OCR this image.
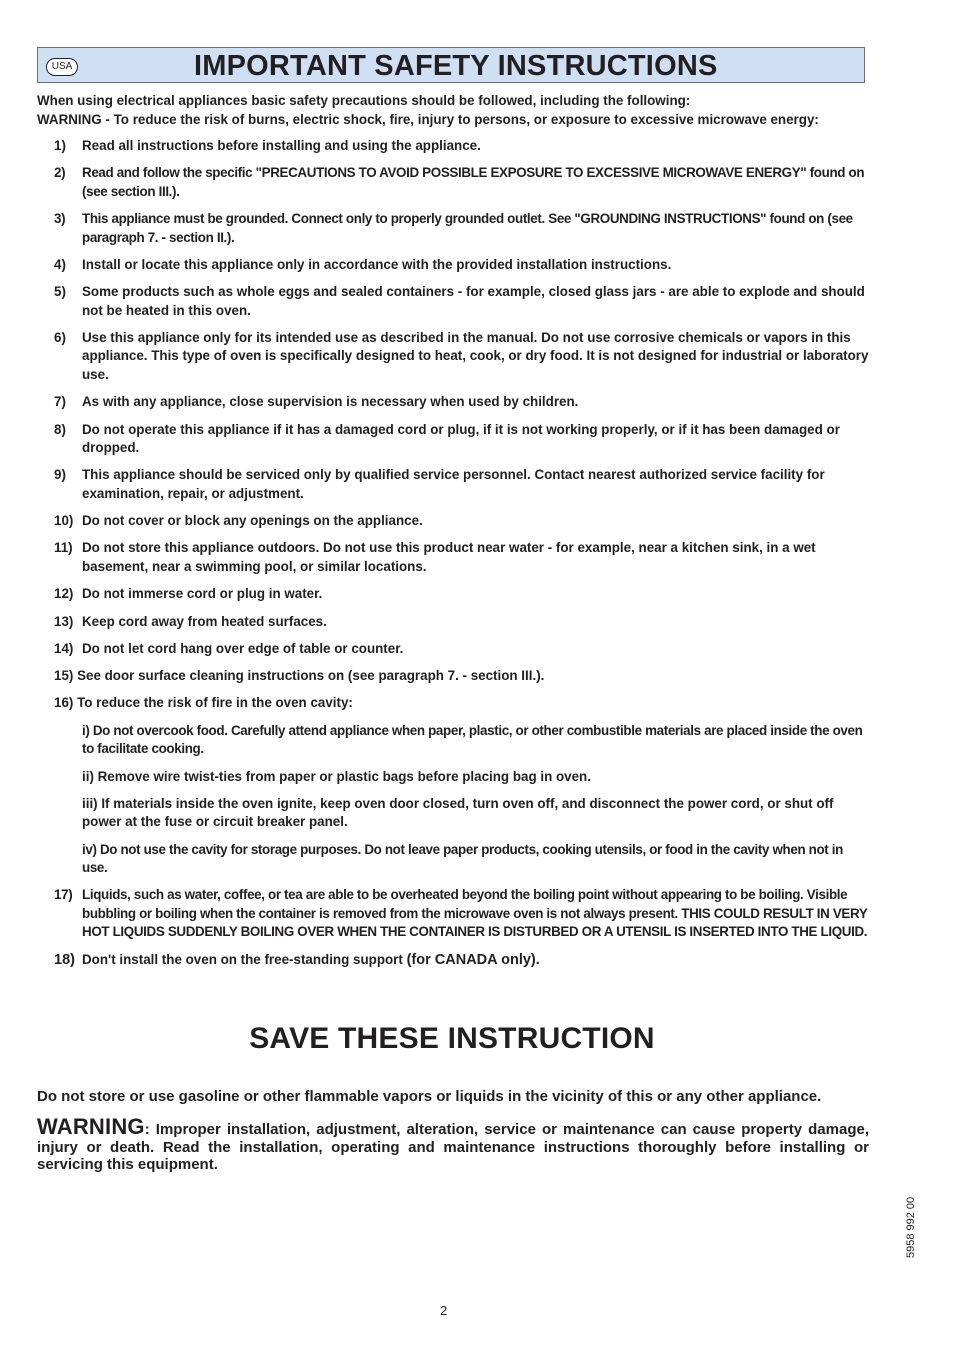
USA	IMPORTANT SAFETY INSTRUCTIONS
When using electrical appliances basic safety precautions should be followed, including the following:
WARNING - To reduce the risk of burns, electric shock, fire, injury to persons, or exposure to excessive microwave energy:
1) Read all instructions before installing and using the appliance.
2) Read and follow the specific "PRECAUTIONS TO AVOID POSSIBLE EXPOSURE TO EXCESSIVE MICROWAVE ENERGY" found on (see section III.).
3) This appliance must be grounded. Connect only to properly grounded outlet. See "GROUNDING INSTRUCTIONS" found on (see paragraph 7. - section II.).
4) Install or locate this appliance only in accordance with the provided installation instructions.
5) Some products such as whole eggs and sealed containers - for example, closed glass jars - are able to explode and should not be heated in this oven.
6) Use this appliance only for its intended use as described in the manual. Do not use corrosive chemicals or vapors in this appliance. This type of oven is specifically designed to heat, cook, or dry food. It is not designed for industrial or laboratory use.
7) As with any appliance, close supervision is necessary when used by children.
8) Do not operate this appliance if it has a damaged cord or plug, if it is not working properly, or if it has been damaged or dropped.
9) This appliance should be serviced only by qualified service personnel. Contact nearest authorized service facility for examination, repair, or adjustment.
10) Do not cover or block any openings on the appliance.
11) Do not store this appliance outdoors. Do not use this product near water - for example, near a kitchen sink, in a wet basement, near a swimming pool, or similar locations.
12) Do not immerse cord or plug in water.
13) Keep cord away from heated surfaces.
14) Do not let cord hang over edge of table or counter.
15) See door surface cleaning instructions on (see paragraph 7. - section III.).
16) To reduce the risk of fire in the oven cavity:
i) Do not overcook food. Carefully attend appliance when paper, plastic, or other combustible materials are placed inside the oven to facilitate cooking.
ii) Remove wire twist-ties from paper or plastic bags before placing bag in oven.
iii) If materials inside the oven ignite, keep oven door closed, turn oven off, and disconnect the power cord, or shut off power at the fuse or circuit breaker panel.
iv) Do not use the cavity for storage purposes. Do not leave paper products, cooking utensils, or food in the cavity when not in use.
17) Liquids, such as water, coffee, or tea are able to be overheated beyond the boiling point without appearing to be boiling. Visible bubbling or boiling when the container is removed from the microwave oven is not always present. THIS COULD RESULT IN VERY HOT LIQUIDS SUDDENLY BOILING OVER WHEN THE CONTAINER IS DISTURBED OR A UTENSIL IS INSERTED INTO THE LIQUID.
18) Don't install the oven on the free-standing support (for CANADA only).
SAVE THESE INSTRUCTION
Do not store or use gasoline or other flammable vapors or liquids in the vicinity of this or any other appliance.
WARNING: Improper installation, adjustment, alteration, service or maintenance can cause property damage, injury or death. Read the installation, operating and maintenance instructions thoroughly before installing or servicing this equipment.
5958 992 00
2
